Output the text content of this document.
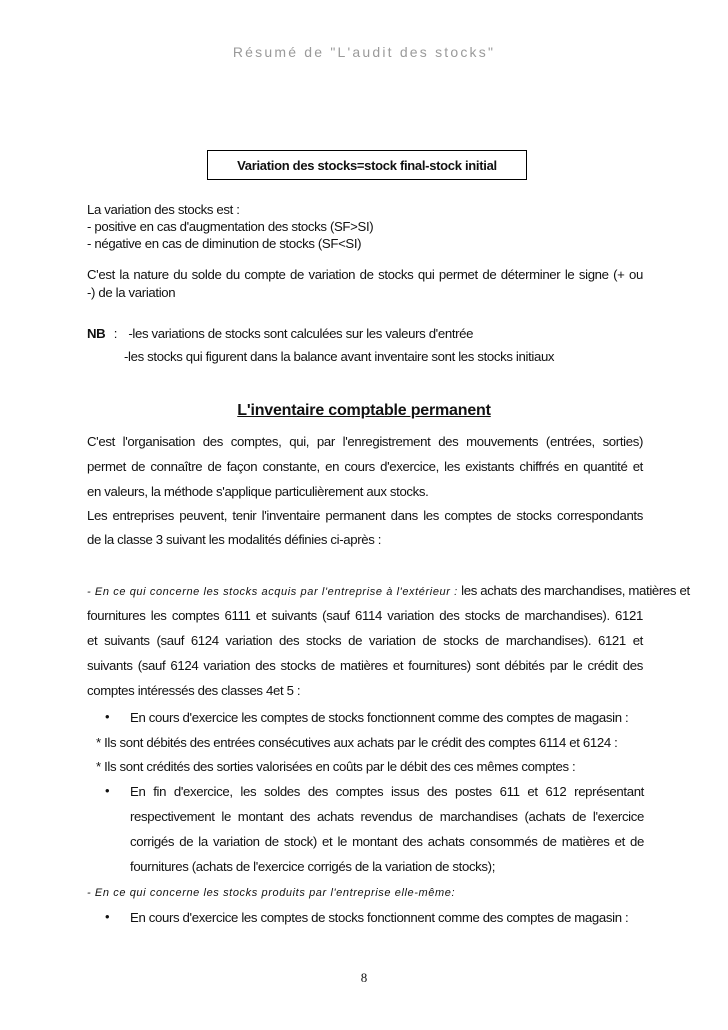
Résumé de "L'audit des stocks"
Variation des stocks=stock final-stock initial
La variation des stocks est :
- positive en cas d'augmentation des stocks (SF>SI)
- négative en cas de diminution de stocks (SF<SI)
C'est la nature du solde du compte de variation de stocks qui permet de déterminer le signe (+ ou
-) de la variation
NB : -les variations de stocks sont calculées sur les valeurs d'entrée
-les stocks qui figurent dans la balance avant inventaire sont les stocks initiaux
L'inventaire comptable permanent
C'est l'organisation des comptes, qui, par l'enregistrement des mouvements (entrées, sorties)
permet de connaître de façon constante, en cours d'exercice, les existants chiffrés en quantité et
en valeurs, la méthode s'applique particulièrement aux stocks.
Les entreprises peuvent, tenir l'inventaire permanent dans les comptes de stocks correspondants
de la classe 3 suivant les modalités définies ci-après :
- En ce qui concerne les stocks acquis par l'entreprise à l'extérieur : les achats des marchandises, matières et
fournitures les comptes 6111 et suivants (sauf 6114 variation des stocks de marchandises). 6121
et suivants (sauf 6124 variation des stocks de variation de stocks de marchandises). 6121 et
suivants (sauf 6124 variation des stocks de matières et fournitures) sont débités par le crédit des
comptes intéressés des classes 4et 5 :
• En cours d'exercice les comptes de stocks fonctionnent comme des comptes de magasin :
* Ils sont débités des entrées consécutives aux achats par le crédit des comptes 6114 et 6124 :
* Ils sont crédités des sorties valorisées en coûts par le débit des ces mêmes comptes :
• En fin d'exercice, les soldes des comptes issus des postes 611 et 612 représentant
respectivement le montant des achats revendus de marchandises (achats de l'exercice
corrigés de la variation de stock) et le montant des achats consommés de matières et de
fournitures (achats de l'exercice corrigés de la variation de stocks);
- En ce qui concerne les stocks produits par l'entreprise elle-même:
• En cours d'exercice les comptes de stocks fonctionnent comme des comptes de magasin :
8
